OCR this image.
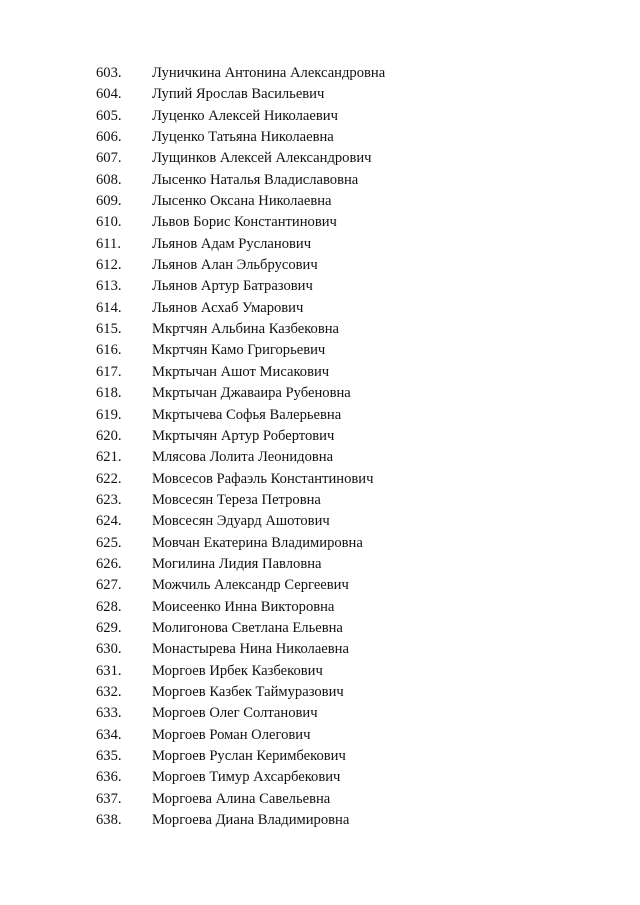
603. Луничкина Антонина Александровна
604. Лупий Ярослав Васильевич
605. Луценко Алексей Николаевич
606. Луценко Татьяна Николаевна
607. Лущинков Алексей Александрович
608. Лысенко Наталья Владиславовна
609. Лысенко Оксана Николаевна
610. Львов Борис Константинович
611. Льянов Адам Русланович
612. Льянов Алан Эльбрусович
613. Льянов Артур Батразович
614. Льянов Асхаб Умарович
615. Мкртчян Альбина Казбековна
616. Мкртчян Камо Григорьевич
617. Мкртычан Ашот Мисакович
618. Мкртычан Джаваира Рубеновна
619. Мкртычева Софья Валерьевна
620. Мкртычян Артур Робертович
621. Млясова Лолита Леонидовна
622. Мовсесов Рафаэль Константинович
623. Мовсесян Тереза Петровна
624. Мовсесян Эдуард Ашотович
625. Мовчан Екатерина Владимировна
626. Могилина Лидия Павловна
627. Можчиль Александр Сергеевич
628. Моисеенко Инна Викторовна
629. Молигонова Светлана Ельевна
630. Монастырева Нина Николаевна
631. Моргоев Ирбек Казбекович
632. Моргоев Казбек Таймуразович
633. Моргоев Олег Солтанович
634. Моргоев Роман Олегович
635. Моргоев Руслан Керимбекович
636. Моргоев Тимур Ахсарбекович
637. Моргоева Алина Савельевна
638. Моргоева Диана Владимировна
